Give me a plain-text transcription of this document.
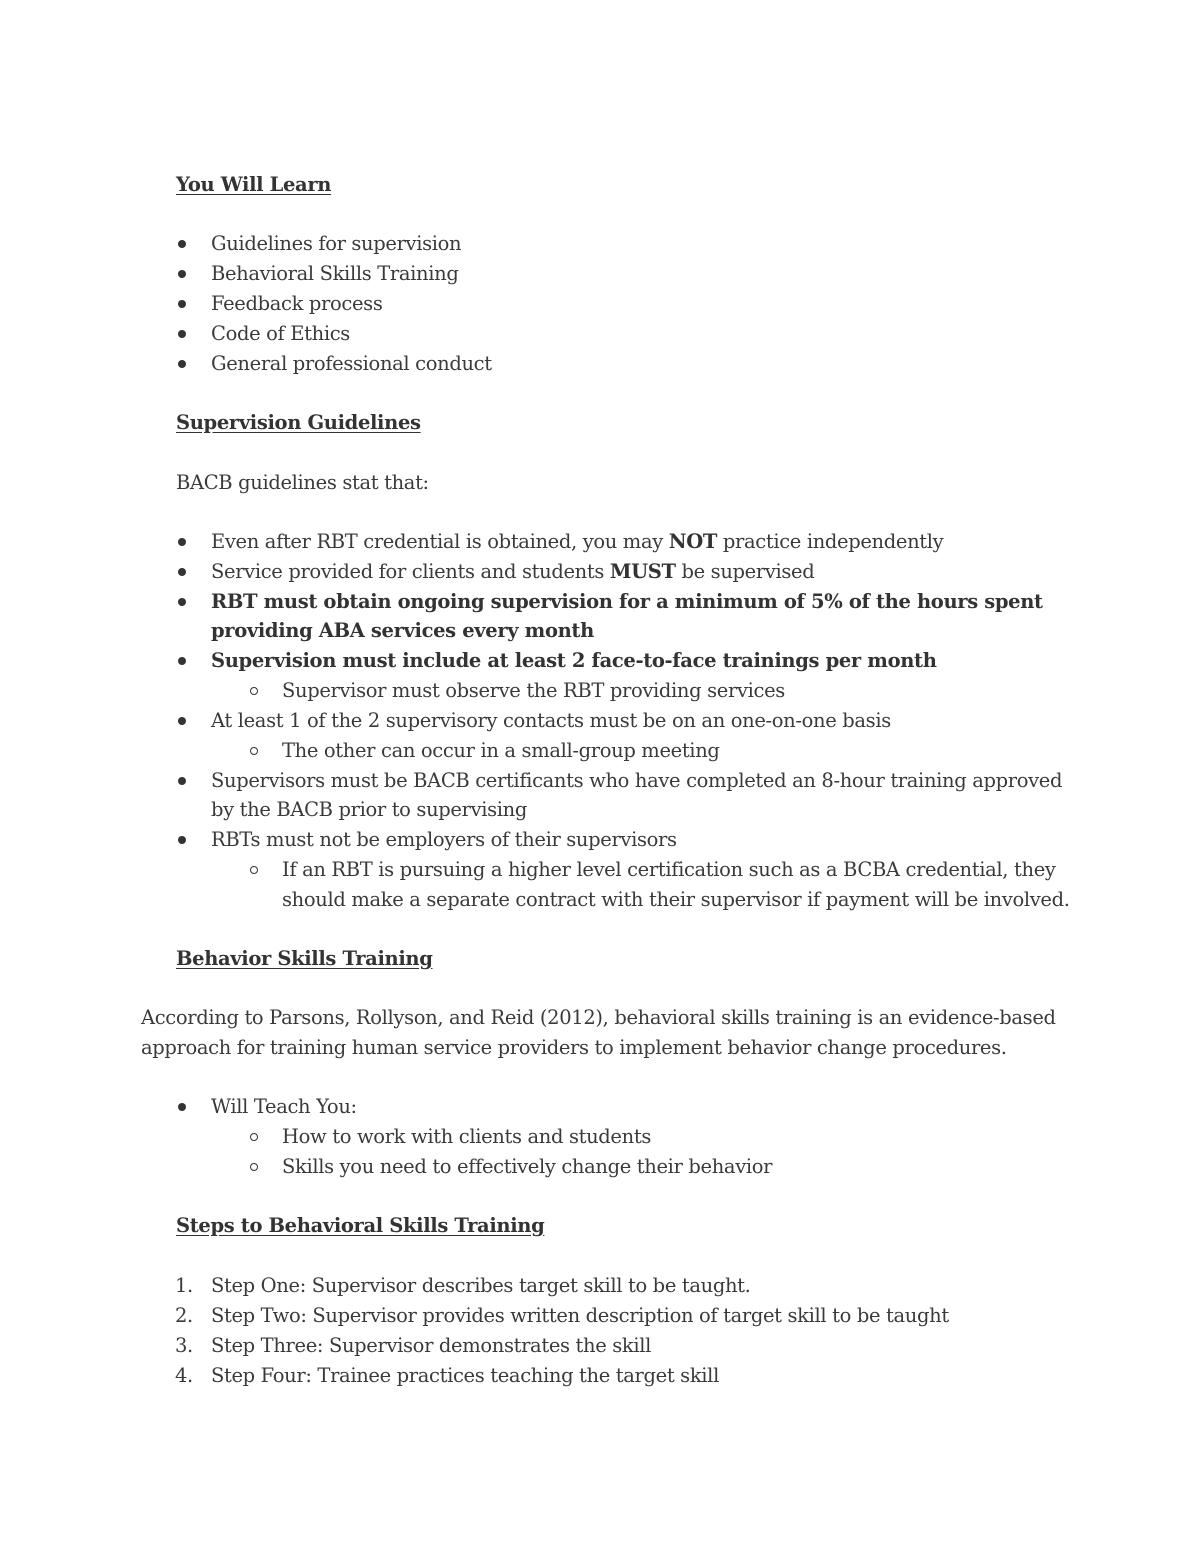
You Will Learn
Guidelines for supervision
Behavioral Skills Training
Feedback process
Code of Ethics
General professional conduct
Supervision Guidelines
BACB guidelines stat that:
Even after RBT credential is obtained, you may NOT practice independently
Service provided for clients and students MUST be supervised
RBT must obtain ongoing supervision for a minimum of 5% of the hours spent
providing ABA services every month
Supervision must include at least 2 face-to-face trainings per month
Supervisor must observe the RBT providing services
At least 1 of the 2 supervisory contacts must be on an one-on-one basis
The other can occur in a small-group meeting
Supervisors must be BACB certificants who have completed an 8-hour training approved
by the BACB prior to supervising
RBTs must not be employers of their supervisors
If an RBT is pursuing a higher level certification such as a BCBA credential, they
should make a separate contract with their supervisor if payment will be involved.
Behavior Skills Training
According to Parsons, Rollyson, and Reid (2012), behavioral skills training is an evidence-based
approach for training human service providers to implement behavior change procedures.
Will Teach You:
How to work with clients and students
Skills you need to effectively change their behavior
Steps to Behavioral Skills Training
1. Step One: Supervisor describes target skill to be taught.
2. Step Two: Supervisor provides written description of target skill to be taught
3. Step Three: Supervisor demonstrates the skill
4. Step Four: Trainee practices teaching the target skill
